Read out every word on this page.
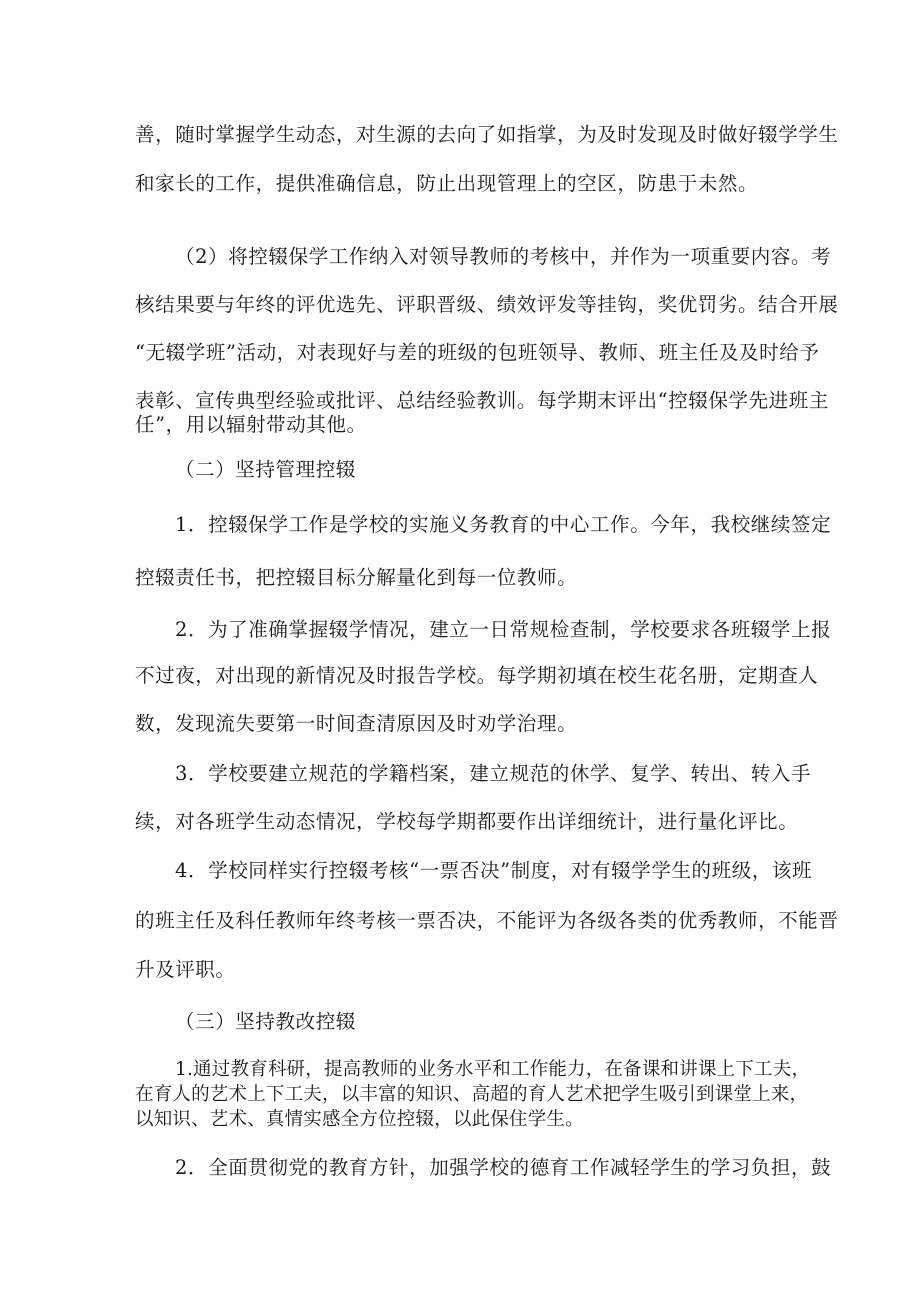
善，随时掌握学生动态，对生源的去向了如指掌，为及时发现及时做好辍学学生
和家长的工作，提供准确信息，防止出现管理上的空区，防患于未然。
（2）将控辍保学工作纳入对领导教师的考核中，并作为一项重要内容。考
核结果要与年终的评优选先、评职晋级、绩效评发等挂钩，奖优罚劣。结合开展
“无辍学班”活动，对表现好与差的班级的包班领导、教师、班主任及及时给予
表彰、宣传典型经验或批评、总结经验教训。每学期末评出“控辍保学先进班主
任”，用以辐射带动其他。
（二）坚持管理控辍
1．控辍保学工作是学校的实施义务教育的中心工作。今年，我校继续签定
控辍责任书，把控辍目标分解量化到每一位教师。
2．为了准确掌握辍学情况，建立一日常规检查制，学校要求各班辍学上报
不过夜，对出现的新情况及时报告学校。每学期初填在校生花名册，定期查人
数，发现流失要第一时间查清原因及时劝学治理。
3．学校要建立规范的学籍档案，建立规范的休学、复学、转出、转入手
续，对各班学生动态情况，学校每学期都要作出详细统计，进行量化评比。
4．学校同样实行控辍考核“一票否决”制度，对有辍学学生的班级，该班
的班主任及科任教师年终考核一票否决，不能评为各级各类的优秀教师，不能晋
升及评职。
（三）坚持教改控辍
1.通过教育科研，提高教师的业务水平和工作能力，在备课和讲课上下工夫，
在育人的艺术上下工夫，以丰富的知识、高超的育人艺术把学生吸引到课堂上来，
以知识、艺术、真情实感全方位控辍，以此保住学生。
2．全面贯彻党的教育方针，加强学校的德育工作减轻学生的学习负担，鼓
